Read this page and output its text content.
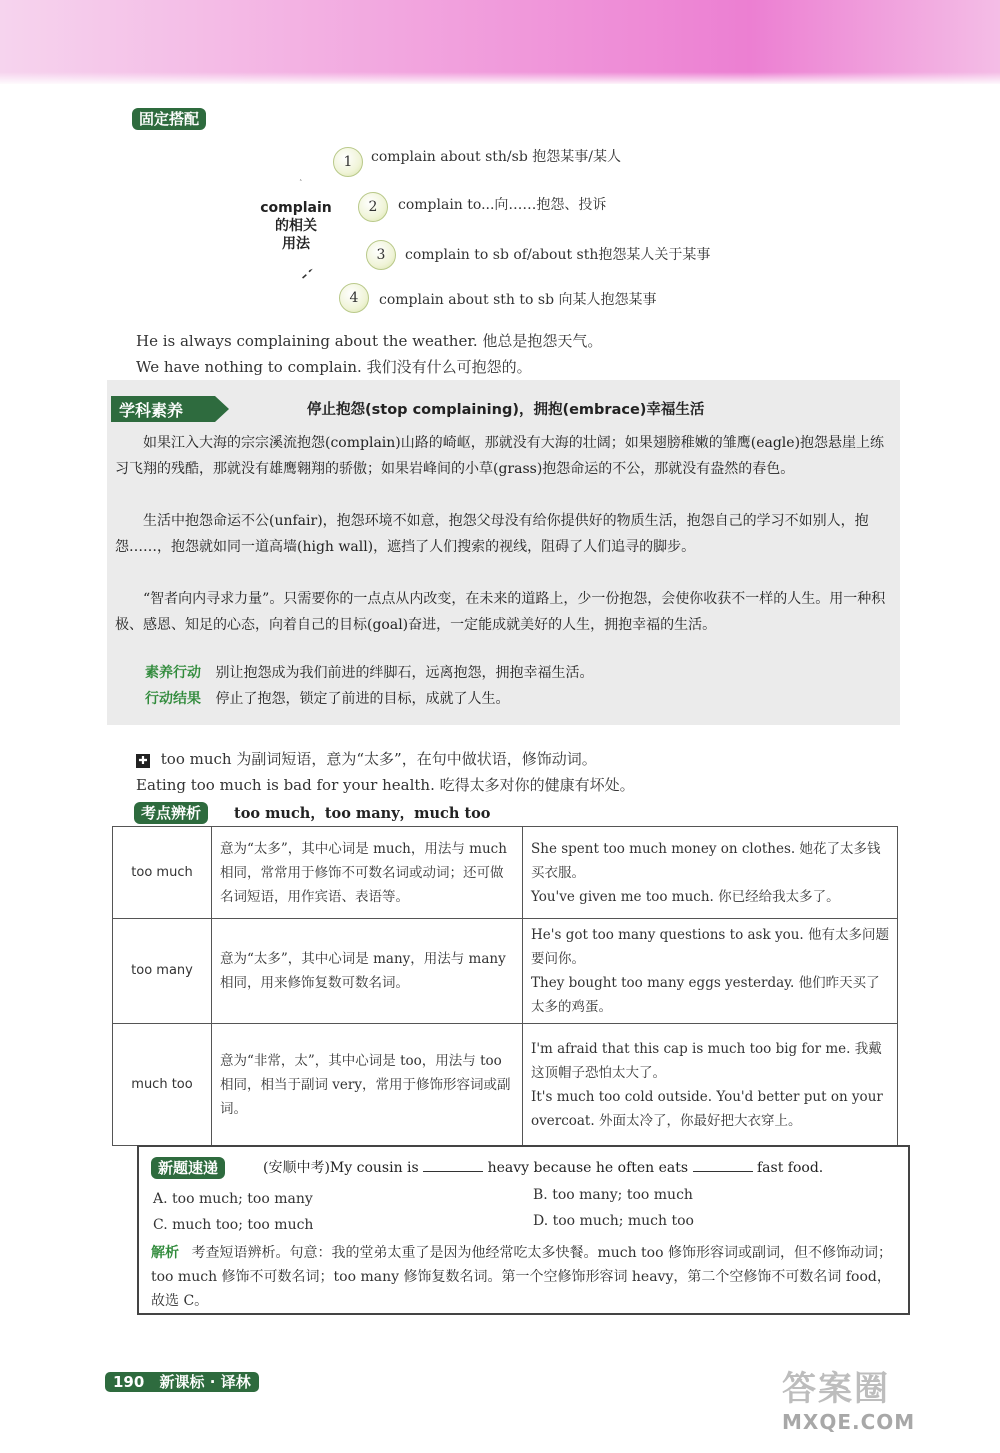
固定搭配
complain
的相关
用法
1	complain about sth/sb 抱怨某事/某人
2	complain to...向……抱怨、投诉
3	complain to sb of/about sth抱怨某人关于某事
4	complain about sth to sb 向某人抱怨某事
He is always complaining about the weather. 他总是抱怨天气。
We have nothing to complain. 我们没有什么可抱怨的。
学科素养	停止抱怨(stop complaining)，拥抱(embrace)幸福生活

如果江入大海的宗宗溪流抱怨(complain)山路的崎岖，那就没有大海的壮阔；如果翅膀稚嫩的雏鹰(eagle)抱怨悬崖上练习飞翔的残酷，那就没有雄鹰翱翔的骄傲；如果岩峰间的小草(grass)抱怨命运的不公，那就没有盎然的春色。

生活中抱怨命运不公(unfair)，抱怨环境不如意，抱怨父母没有给你提供好的物质生活，抱怨自己的学习不如别人，抱怨……，抱怨就如同一道高墙(high wall)，遮挡了人们搜索的视线，阻碍了人们追寻的脚步。

“智者向内寻求力量”。只需要你的一点点从内改变，在未来的道路上，少一份抱怨，会使你收获不一样的人生。用一种积极、感恩、知足的心态，向着自己的目标(goal)奋进，一定能成就美好的人生，拥抱幸福的生活。

素养行动 别让抱怨成为我们前进的绊脚石，远离抱怨，拥抱幸福生活。
行动结果 停止了抱怨，锁定了前进的目标，成就了人生。
✚ too much 为副词短语，意为“太多”，在句中做状语，修饰动词。
Eating too much is bad for your health. 吃得太多对你的健康有坏处。
考点辨析	too much，too many，much too
too much	意为“太多”，其中心词是 much，用法与 much 相同，常常用于修饰不可数名词或动词；还可做名词短语，用作宾语、表语等。	She spent too much money on clothes. 她花了太多钱买衣服。
You've given me too much. 你已经给我太多了。

too many	意为“太多”，其中心词是 many，用法与 many 相同，用来修饰复数可数名词。	He's got too many questions to ask you. 他有太多问题要问你。
They bought too many eggs yesterday. 他们昨天买了太多的鸡蛋。

much too	意为“非常，太”，其中心词是 too，用法与 too 相同，相当于副词 very，常用于修饰形容词或副词。	I'm afraid that this cap is much too big for me. 我戴这顶帽子恐怕太大了。
It's much too cold outside. You'd better put on your overcoat. 外面太冷了，你最好把大衣穿上。
新题速递	(安顺中考)My cousin is	heavy because he often eats	fast food.
A. too much; too many	B. too many; too much
C. much too; too much	D. too much; much too
解析 考查短语辨析。句意：我的堂弟太重了是因为他经常吃太多快餐。much too 修饰形容词或副词，但不修饰动词；too much 修饰不可数名词；too many 修饰复数名词。第一个空修饰形容词 heavy，第二个空修饰不可数名词 food，故选 C。
190 新课标 · 译林	答案圈
MXQE.COM
